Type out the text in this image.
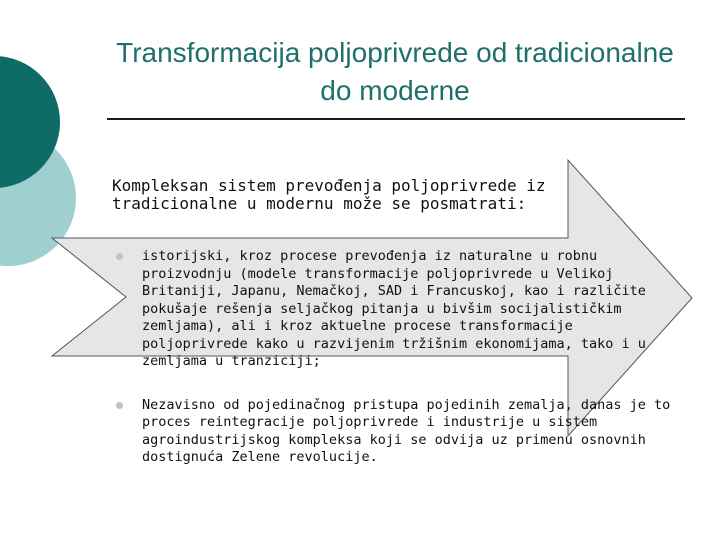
Transformacija poljoprivrede od tradicionalne do moderne

Kompleksan sistem prevođenja poljoprivrede iz tradicionalne u modernu može se posmatrati:

istorijski, kroz procese prevođenja iz naturalne u robnu proizvodnju (modele transformacije poljoprivrede u Velikoj Britaniji, Japanu, Nemačkoj, SAD i Francuskoj, kao i različite pokušaje rešenja seljačkog pitanja u bivšim socijalističkim zemljama), ali i kroz aktuelne procese transformacije poljoprivrede kako u razvijenim tržišnim ekonomijama, tako i u zemljama u tranziciji;
Nezavisno od pojedinačnog pristupa pojedinih zemalja, danas je to proces reintegracije poljoprivrede i industrije u sistem agroindustrijskog kompleksa koji se odvija uz primenu osnovnih dostignuća Zelene revolucije.
